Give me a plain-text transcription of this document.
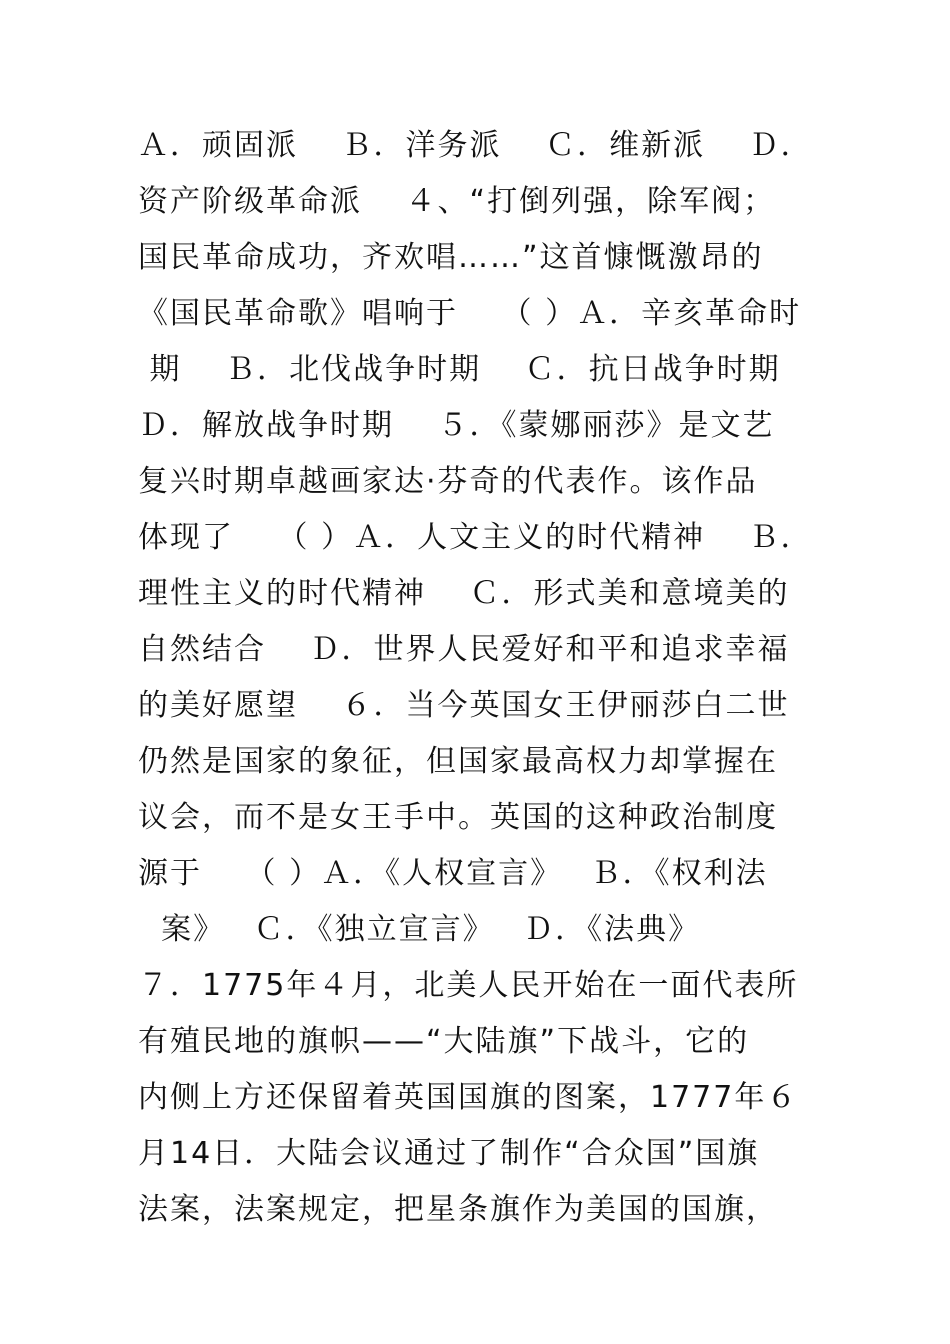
Ａ．顽固派　 Ｂ．洋务派　 Ｃ．维新派　 Ｄ．
资产阶级革命派　 ４、“打倒列强，除军阀；
国民革命成功，齐欢唱……”这首慷慨激昂的
《国民革命歌》唱响于　 （ ）Ａ．辛亥革命时
期　 Ｂ．北伐战争时期　 Ｃ．抗日战争时期
Ｄ．解放战争时期　 ５．《蒙娜丽莎》是文艺
复兴时期卓越画家达·芬奇的代表作。该作品
体现了　 （ ）Ａ．人文主义的时代精神　 Ｂ．
理性主义的时代精神　 Ｃ．形式美和意境美的
自然结合　 Ｄ．世界人民爱好和平和追求幸福
的美好愿望　 ６．当今英国女王伊丽莎白二世
仍然是国家的象征，但国家最高权力却掌握在
议会，而不是女王手中。英国的这种政治制度
源于　 （ ）Ａ．《人权宣言》　 Ｂ．《权利法
案》　 Ｃ．《独立宣言》　 Ｄ．《法典》
７．1775年４月，北美人民开始在一面代表所
有殖民地的旗帜——“大陆旗”下战斗，它的
内侧上方还保留着英国国旗的图案，1777年６
月14日．大陆会议通过了制作“合众国”国旗
法案，法案规定，把星条旗作为美国的国旗，
